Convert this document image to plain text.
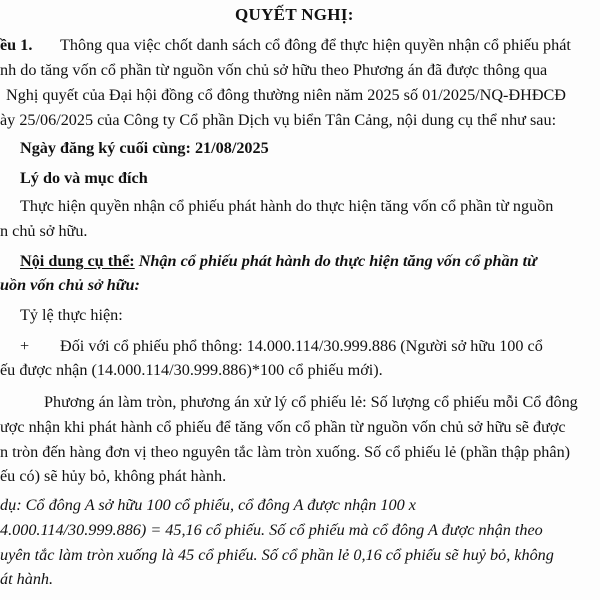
QUYẾT NGHỊ:
ều 1. Thông qua việc chốt danh sách cổ đông để thực hiện quyền nhận cổ phiếu phát
nh do tăng vốn cổ phần từ nguồn vốn chủ sở hữu theo Phương án đã được thông qua
Nghị quyết của Đại hội đồng cổ đông thường niên năm 2025 số 01/2025/NQ-ĐHĐCĐ
ày 25/06/2025 của Công ty Cổ phần Dịch vụ biển Tân Cảng, nội dung cụ thể như sau:
Ngày đăng ký cuối cùng: 21/08/2025
Lý do và mục đích
Thực hiện quyền nhận cổ phiếu phát hành do thực hiện tăng vốn cổ phần từ nguồn
n chủ sở hữu.
Nội dung cụ thể: Nhận cổ phiếu phát hành do thực hiện tăng vốn cổ phần từ
uồn vốn chủ sở hữu:
Tỷ lệ thực hiện:
+ Đối với cổ phiếu phổ thông: 14.000.114/30.999.886 (Người sở hữu 100 cổ
ếu được nhận (14.000.114/30.999.886)*100 cổ phiếu mới).
Phương án làm tròn, phương án xử lý cổ phiếu lẻ: Số lượng cổ phiếu mỗi Cổ đông
ược nhận khi phát hành cổ phiếu để tăng vốn cổ phần từ nguồn vốn chủ sở hữu sẽ được
n tròn đến hàng đơn vị theo nguyên tắc làm tròn xuống. Số cổ phiếu lẻ (phần thập phân)
ếu có) sẽ hủy bỏ, không phát hành.
dụ: Cổ đông A sở hữu 100 cổ phiếu, cổ đông A được nhận 100 x
4.000.114/30.999.886) = 45,16 cổ phiếu. Số cổ phiếu mà cổ đông A được nhận theo
uyên tắc làm tròn xuống là 45 cổ phiếu. Số cổ phần lẻ 0,16 cổ phiếu sẽ huỷ bỏ, không
át hành.
